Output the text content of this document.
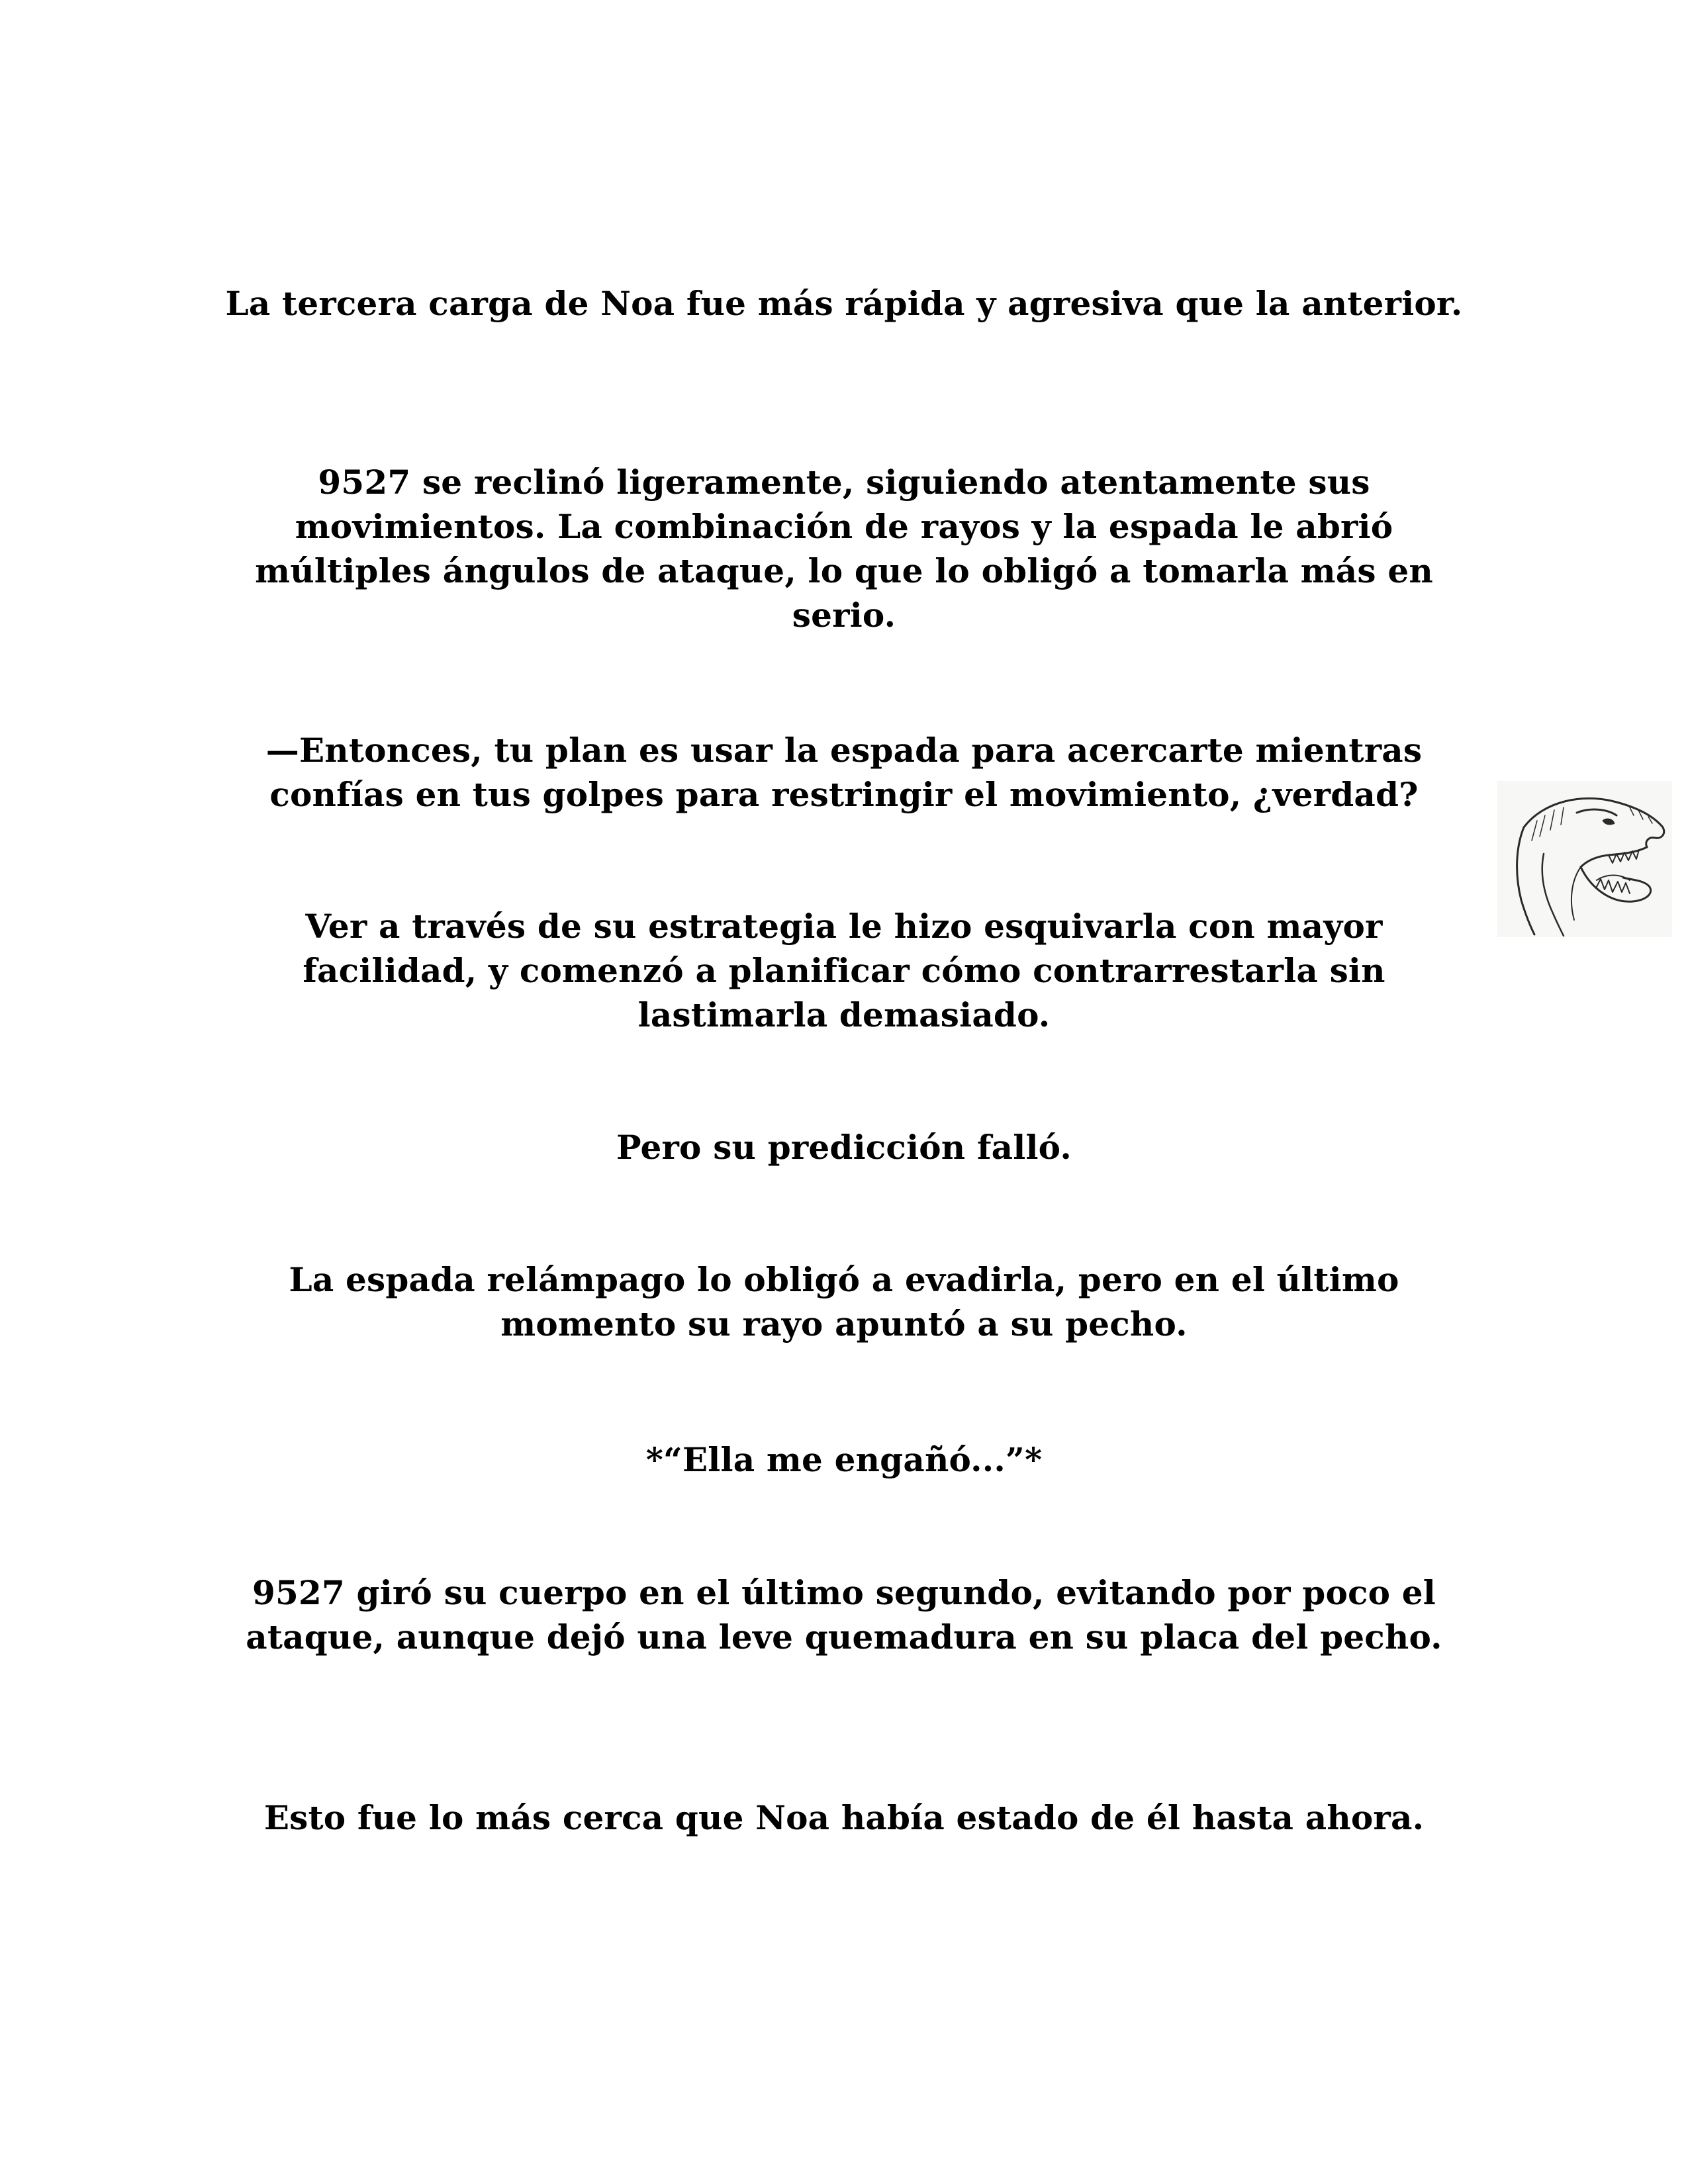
La tercera carga de Noa fue más rápida y agresiva que la anterior.

9527 se reclinó ligeramente, siguiendo atentamente sus movimientos. La combinación de rayos y la espada le abrió múltiples ángulos de ataque, lo que lo obligó a tomarla más en serio.

—Entonces, tu plan es usar la espada para acercarte mientras confías en tus golpes para restringir el movimiento, ¿verdad?

Ver a través de su estrategia le hizo esquivarla con mayor facilidad, y comenzó a planificar cómo contrarrestarla sin lastimarla demasiado.

Pero su predicción falló.

La espada relámpago lo obligó a evadirla, pero en el último momento su rayo apuntó a su pecho.

*“Ella me engañó...”*

9527 giró su cuerpo en el último segundo, evitando por poco el ataque, aunque dejó una leve quemadura en su placa del pecho.

Esto fue lo más cerca que Noa había estado de él hasta ahora.
